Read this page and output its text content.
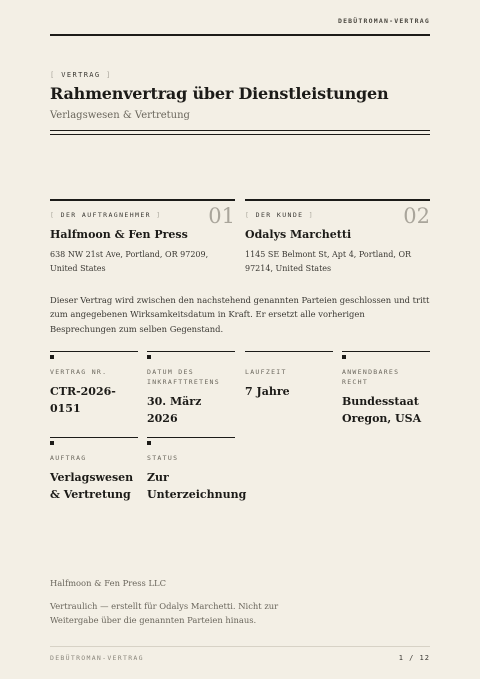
DEBÜTROMAN-VERTRAG
[ VERTRAG ]
Rahmenvertrag über Dienstleistungen
Verlagswesen & Vertretung
[ DER AUFTRAGNEHMER ]	01
Halfmoon & Fen Press
638 NW 21st Ave, Portland, OR 97209, United States
[ DER KUNDE ]	02
Odalys Marchetti
1145 SE Belmont St, Apt 4, Portland, OR 97214, United States

Dieser Vertrag wird zwischen den nachstehend genannten Parteien geschlossen und tritt zum angegebenen Wirksamkeitsdatum in Kraft. Er ersetzt alle vorherigen Besprechungen zum selben Gegenstand.

VERTRAG NR.
CTR-2026-0151
DATUM DES INKRAFTTRETENS
30. März 2026
LAUFZEIT
7 Jahre
ANWENDBARES RECHT
Bundesstaat Oregon, USA
AUFTRAG
Verlagswesen & Vertretung
STATUS
Zur Unterzeichnung
Halfmoon & Fen Press LLC

Vertraulich — erstellt für Odalys Marchetti. Nicht zur Weitergabe über die genannten Parteien hinaus.

DEBÜTROMAN-VERTRAG	1 / 12
